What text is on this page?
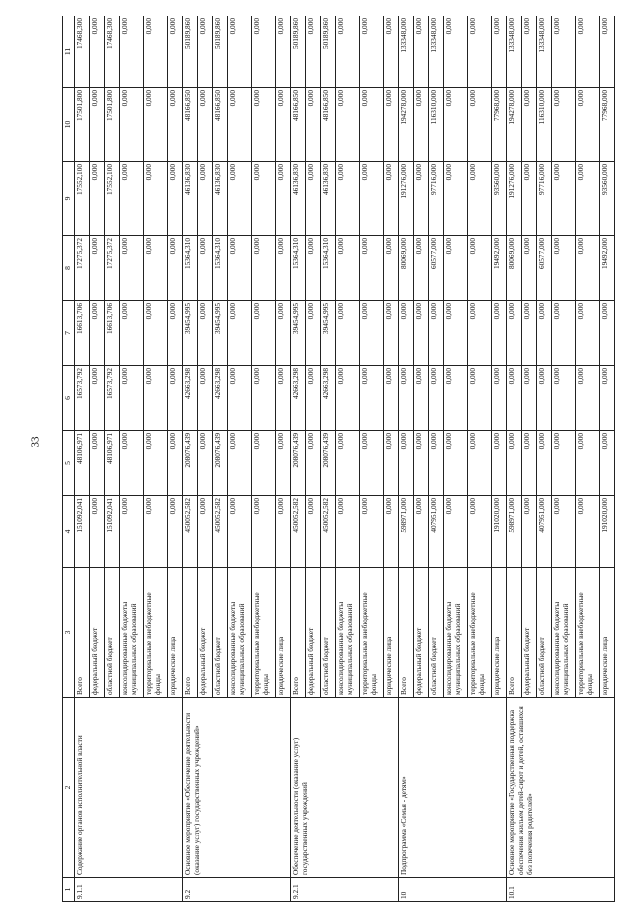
33
1	2	3	4	5	6	7	8	9	10	11
9.1.1	Содержание органов исполнительной власти	Всего	151092,041	48106,971	16573,792	16613,706	17275,372	17552,100	17501,800	17468,300
		федеральный бюджет	0,000	0,000	0,000	0,000	0,000	0,000	0,000	0,000
		областной бюджет	151092,041	48106,971	16573,792	16613,706	17275,372	17552,100	17501,800	17468,300
		консолидированные бюджеты муниципальных образований	0,000	0,000	0,000	0,000	0,000	0,000	0,000	0,000
		территориальные внебюджетные фонды	0,000	0,000	0,000	0,000	0,000	0,000	0,000	0,000
		юридические лица	0,000	0,000	0,000	0,000	0,000	0,000	0,000	0,000
9.2	Основное мероприятие «Обеспечение деятельности (оказание услуг) государственных учреждений»	Всего	450052,582	208076,439	42663,298	39454,995	15364,310	46136,830	48166,850	50189,860
		федеральный бюджет	0,000	0,000	0,000	0,000	0,000	0,000	0,000	0,000
		областной бюджет	450052,582	208076,439	42663,298	39454,995	15364,310	46136,830	48166,850	50189,860
		консолидированные бюджеты муниципальных образований	0,000	0,000	0,000	0,000	0,000	0,000	0,000	0,000
		территориальные внебюджетные фонды	0,000	0,000	0,000	0,000	0,000	0,000	0,000	0,000
		юридические лица	0,000	0,000	0,000	0,000	0,000	0,000	0,000	0,000
9.2.1	Обеспечение деятельности (оказание услуг) государственных учреждений	Всего	450052,582	208076,439	42663,298	39454,995	15364,310	46136,830	48166,850	50189,860
		федеральный бюджет	0,000	0,000	0,000	0,000	0,000	0,000	0,000	0,000
		областной бюджет	450052,582	208076,439	42663,298	39454,995	15364,310	46136,830	48166,850	50189,860
		консолидированные бюджеты муниципальных образований	0,000	0,000	0,000	0,000	0,000	0,000	0,000	0,000
		территориальные внебюджетные фонды	0,000	0,000	0,000	0,000	0,000	0,000	0,000	0,000
		юридические лица	0,000	0,000	0,000	0,000	0,000	0,000	0,000	0,000
10	Подпрограмма «Семья - детям»	Всего	598971,000	0,000	0,000	0,000	80069,000	191276,000	194278,000	133348,000
		федеральный бюджет	0,000	0,000	0,000	0,000	0,000	0,000	0,000	0,000
		областной бюджет	407951,000	0,000	0,000	0,000	60577,000	97716,000	116310,000	133348,000
		консолидированные бюджеты муниципальных образований	0,000	0,000	0,000	0,000	0,000	0,000	0,000	0,000
		территориальные внебюджетные фонды	0,000	0,000	0,000	0,000	0,000	0,000	0,000	0,000
		юридические лица	191020,000	0,000	0,000	0,000	19492,000	93560,000	77968,000	0,000
10.1	Основное мероприятие «Государственная поддержка обеспечения жильем детей-сирот и детей, оставшихся без попечения родителей»	Всего	598971,000	0,000	0,000	0,000	80069,000	191276,000	194278,000	133348,000
		федеральный бюджет	0,000	0,000	0,000	0,000	0,000	0,000	0,000	0,000
		областной бюджет	407951,000	0,000	0,000	0,000	60577,000	97716,000	116310,000	133348,000
		консолидированные бюджеты муниципальных образований	0,000	0,000	0,000	0,000	0,000	0,000	0,000	0,000
		территориальные внебюджетные фонды	0,000	0,000	0,000	0,000	0,000	0,000	0,000	0,000
		юридические лица	191020,000	0,000	0,000	0,000	19492,000	93560,000	77968,000	0,000
